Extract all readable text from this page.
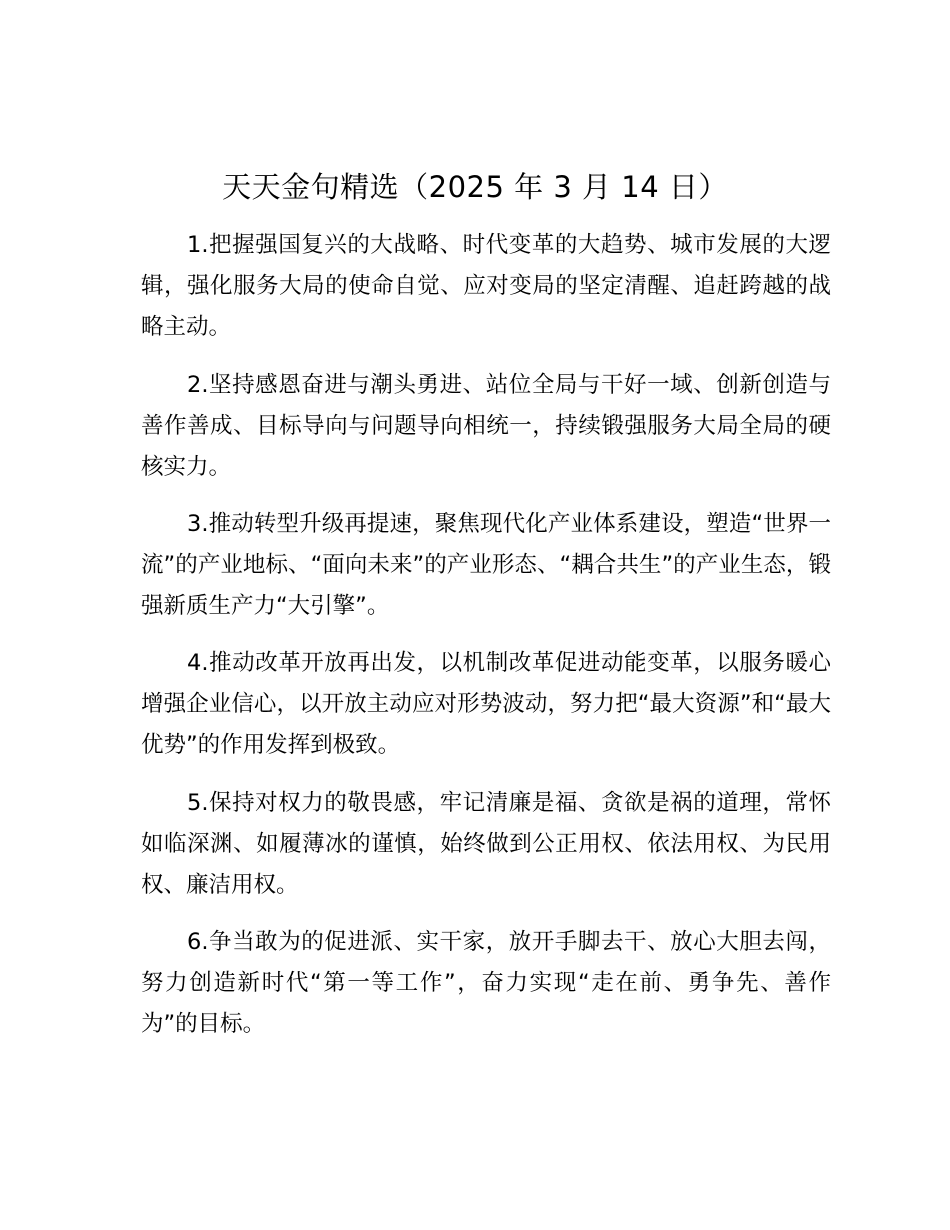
天天金句精选（2025 年 3 月 14 日）

1.把握强国复兴的大战略、时代变革的大趋势、城市发展的大逻辑，强化服务大局的使命自觉、应对变局的坚定清醒、追赶跨越的战略主动。

2.坚持感恩奋进与潮头勇进、站位全局与干好一域、创新创造与善作善成、目标导向与问题导向相统一，持续锻强服务大局全局的硬核实力。

3.推动转型升级再提速，聚焦现代化产业体系建设，塑造“世界一流”的产业地标、“面向未来”的产业形态、“耦合共生”的产业生态，锻强新质生产力“大引擎”。

4.推动改革开放再出发，以机制改革促进动能变革，以服务暖心增强企业信心，以开放主动应对形势波动，努力把“最大资源”和“最大优势”的作用发挥到极致。

5.保持对权力的敬畏感，牢记清廉是福、贪欲是祸的道理，常怀如临深渊、如履薄冰的谨慎，始终做到公正用权、依法用权、为民用权、廉洁用权。

6.争当敢为的促进派、实干家，放开手脚去干、放心大胆去闯，努力创造新时代“第一等工作”，奋力实现“走在前、勇争先、善作为”的目标。
